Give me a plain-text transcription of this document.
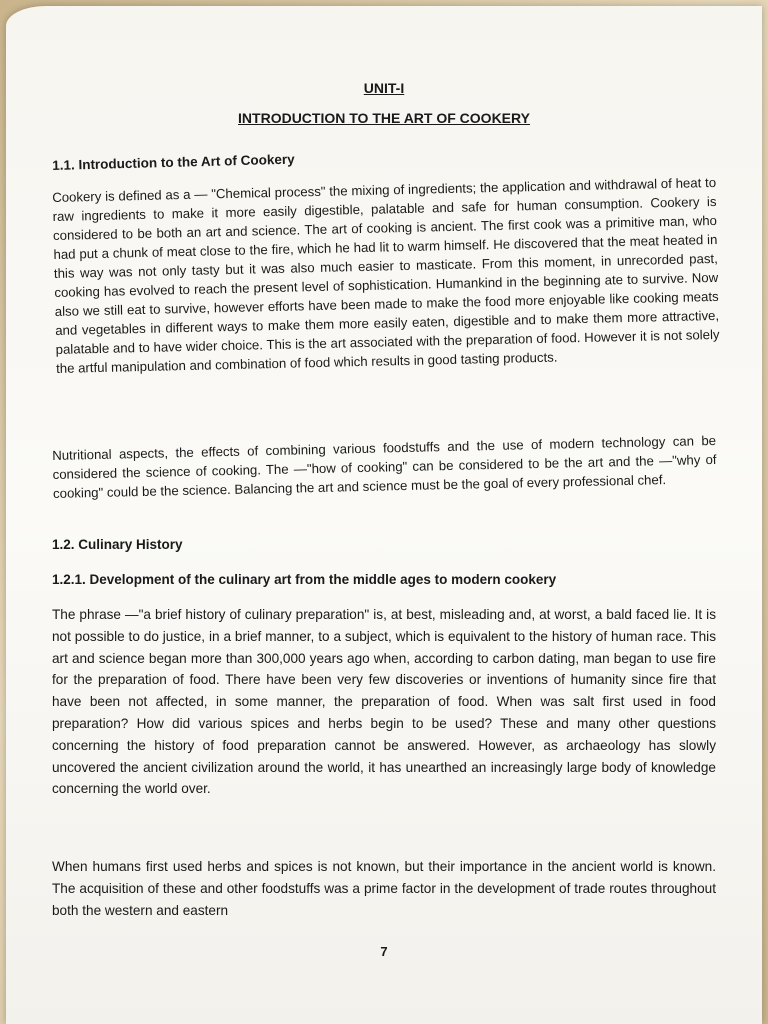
UNIT-I
INTRODUCTION TO THE ART OF COOKERY
1.1. Introduction to the Art of Cookery

Cookery is defined as a — "Chemical process" the mixing of ingredients; the application and withdrawal of heat to raw ingredients to make it more easily digestible, palatable and safe for human consumption. Cookery is considered to be both an art and science. The art of cooking is ancient. The first cook was a primitive man, who had put a chunk of meat close to the fire, which he had lit to warm himself. He discovered that the meat heated in this way was not only tasty but it was also much easier to masticate. From this moment, in unrecorded past, cooking has evolved to reach the present level of sophistication. Humankind in the beginning ate to survive. Now also we still eat to survive, however efforts have been made to make the food more enjoyable like cooking meats and vegetables in different ways to make them more easily eaten, digestible and to make them more attractive, palatable and to have wider choice. This is the art associated with the preparation of food. However it is not solely the artful manipulation and combination of food which results in good tasting products.

Nutritional aspects, the effects of combining various foodstuffs and the use of modern technology can be considered the science of cooking. The —"how of cooking" can be considered to be the art and the —"why of cooking" could be the science. Balancing the art and science must be the goal of every professional chef.

1.2. Culinary History
1.2.1. Development of the culinary art from the middle ages to modern cookery

The phrase —"a brief history of culinary preparation" is, at best, misleading and, at worst, a bald faced lie. It is not possible to do justice, in a brief manner, to a subject, which is equivalent to the history of human race. This art and science began more than 300,000 years ago when, according to carbon dating, man began to use fire for the preparation of food. There have been very few discoveries or inventions of humanity since fire that have been not affected, in some manner, the preparation of food. When was salt first used in food preparation? How did various spices and herbs begin to be used? These and many other questions concerning the history of food preparation cannot be answered. However, as archaeology has slowly uncovered the ancient civilization around the world, it has unearthed an increasingly large body of knowledge concerning the world over.

When humans first used herbs and spices is not known, but their importance in the ancient world is known. The acquisition of these and other foodstuffs was a prime factor in the development of trade routes throughout both the western and eastern

7
